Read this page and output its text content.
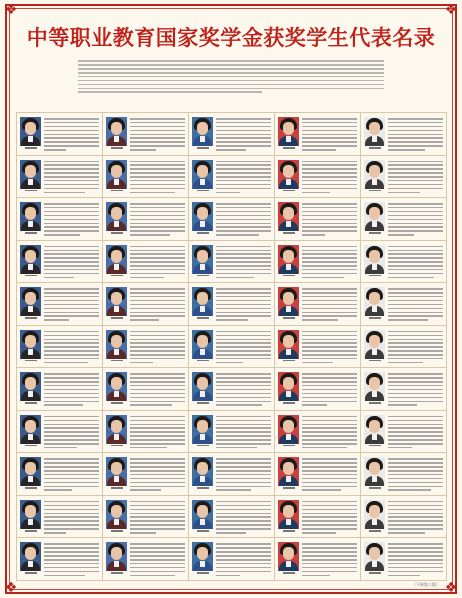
❖	❖
❖	❖
中等职业教育国家奖学金获奖学生代表名录
（下转第六版）
